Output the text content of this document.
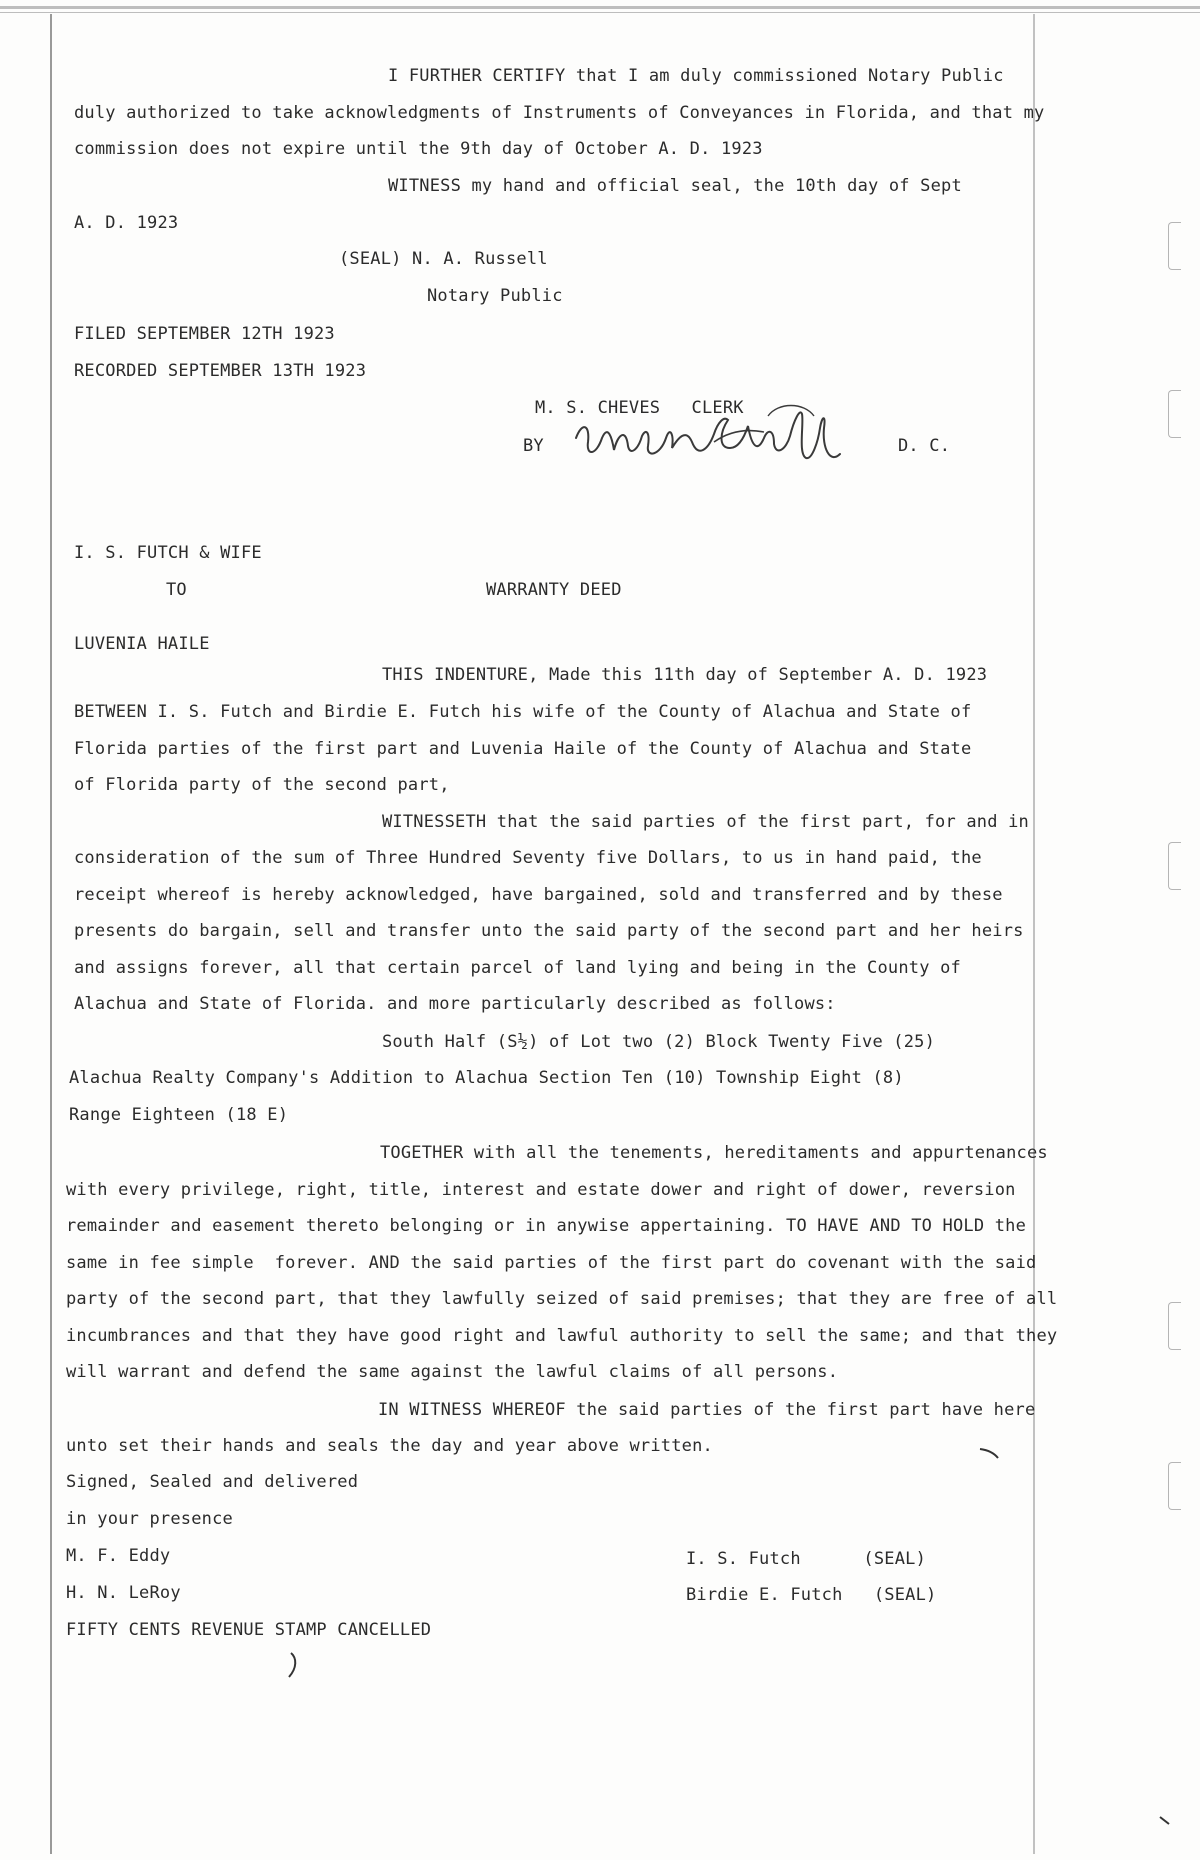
I FURTHER CERTIFY that I am duly commissioned Notary Public
duly authorized to take acknowledgments of Instruments of Conveyances in Florida, and that my
commission does not expire until the 9th day of October A. D. 1923
WITNESS my hand and official seal, the 10th day of Sept
A. D. 1923
(SEAL) N. A. Russell
Notary Public
FILED SEPTEMBER 12TH 1923
RECORDED SEPTEMBER 13TH 1923
M. S. CHEVES   CLERK
BY	D. C.
I. S. FUTCH & WIFE
TO	WARRANTY DEED
LUVENIA HAILE
THIS INDENTURE, Made this 11th day of September A. D. 1923
BETWEEN I. S. Futch and Birdie E. Futch his wife of the County of Alachua and State of
Florida parties of the first part and Luvenia Haile of the County of Alachua and State
of Florida party of the second part,
WITNESSETH that the said parties of the first part, for and in
consideration of the sum of Three Hundred Seventy five Dollars, to us in hand paid, the
receipt whereof is hereby acknowledged, have bargained, sold and transferred and by these
presents do bargain, sell and transfer unto the said party of the second part and her heirs
and assigns forever, all that certain parcel of land lying and being in the County of
Alachua and State of Florida. and more particularly described as follows:
South Half (S½) of Lot two (2) Block Twenty Five (25)
Alachua Realty Company's Addition to Alachua Section Ten (10) Township Eight (8)
Range Eighteen (18 E)
TOGETHER with all the tenements, hereditaments and appurtenances
with every privilege, right, title, interest and estate dower and right of dower, reversion
remainder and easement thereto belonging or in anywise appertaining. TO HAVE AND TO HOLD the
same in fee simple  forever. AND the said parties of the first part do covenant with the said
party of the second part, that they lawfully seized of said premises; that they are free of all
incumbrances and that they have good right and lawful authority to sell the same; and that they
will warrant and defend the same against the lawful claims of all persons.
IN WITNESS WHEREOF the said parties of the first part have here
unto set their hands and seals the day and year above written.
Signed, Sealed and delivered
in your presence
M. F. Eddy
H. N. LeRoy
FIFTY CENTS REVENUE STAMP CANCELLED
I. S. Futch      (SEAL)
Birdie E. Futch   (SEAL)
